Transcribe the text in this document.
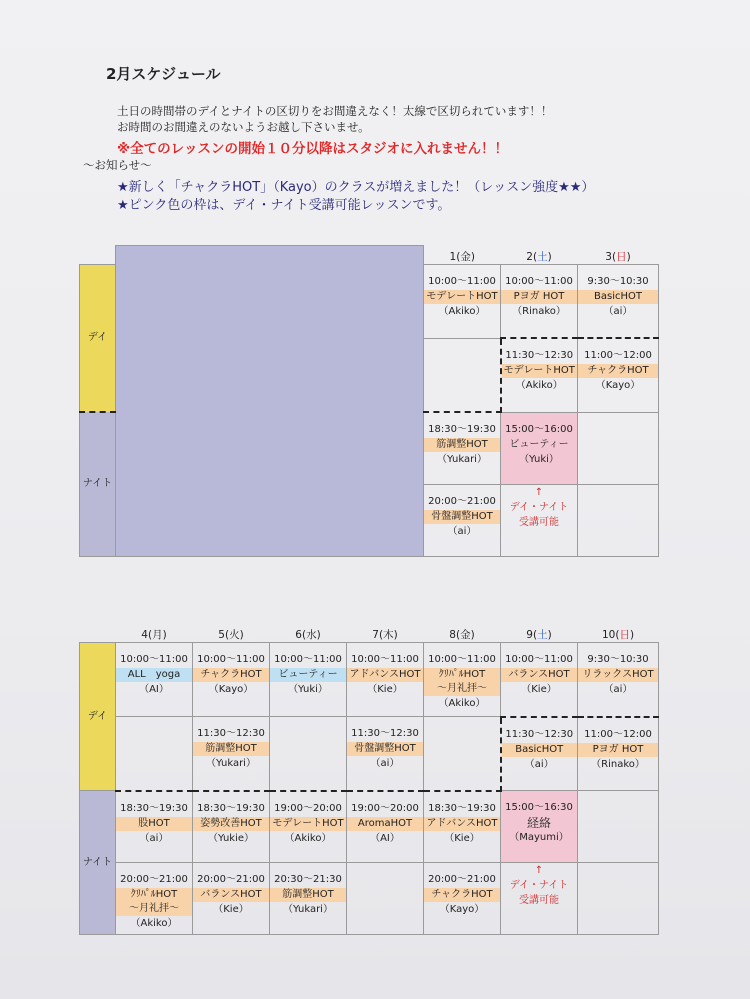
2月スケジュール
土日の時間帯のデイとナイトの区切りをお間違えなく！太線で区切られています！！
お時間のお間違えのないようお越し下さいませ。
※全てのレッスンの開始１０分以降はスタジオに入れません！！
〜お知らせ〜
★新しく「チャクラHOT」（Kayo）のクラスが増えました！（レッスン強度★★）
★ピンク色の枠は、デイ・ナイト受講可能レッスンです。
		1(金)	2(土)	3(日)
デイ		10:00〜11:00
モデレートHOT
（Akiko）	10:00〜11:00
Pヨガ HOT
（Rinako）	9:30〜10:30
BasicHOT
（ai）

			11:30〜12:30
モデレートHOT
（Akiko）	11:00〜12:00
チャクラHOT
（Kayo）

ナイト		18:30〜19:30
筋調整HOT
（Yukari）	15:00〜16:00
ビューティー
（Yuki）	

		20:00〜21:00
骨盤調整HOT
（ai）	↑
デイ・ナイト
受講可能	

	4(月)	5(火)	6(水)	7(木)	8(金)	9(土)	10(日)
デイ	10:00〜11:00
ALL　yoga
（AI）	10:00〜11:00
チャクラHOT
（Kayo）	10:00〜11:00
ビューティー
（Yuki）	10:00〜11:00
アドバンスHOT
（Kie）	10:00〜11:00
ｸﾘﾊﾟﾙHOT
〜月礼拝〜
（Akiko）	10:00〜11:00
バランスHOT
（Kie）	9:30〜10:30
リラックスHOT
（ai）

		11:30〜12:30
筋調整HOT
（Yukari）		11:30〜12:30
骨盤調整HOT
（ai）		11:30〜12:30
BasicHOT
（ai）	11:00〜12:00
Pヨガ HOT
（Rinako）

ナイト	18:30〜19:30
股HOT
（ai）	18:30〜19:30
姿勢改善HOT
（Yukie）	19:00〜20:00
モデレートHOT
（Akiko）	19:00〜20:00
AromaHOT
（AI）	18:30〜19:30
アドバンスHOT
（Kie）	15:00〜16:30
経絡
（Mayumi）	

	20:00〜21:00
ｸﾘﾊﾟﾙHOT
〜月礼拝〜
（Akiko）	20:00〜21:00
バランスHOT
（Kie）	20:30〜21:30
筋調整HOT
（Yukari）		20:00〜21:00
チャクラHOT
（Kayo）	↑
デイ・ナイト
受講可能	
